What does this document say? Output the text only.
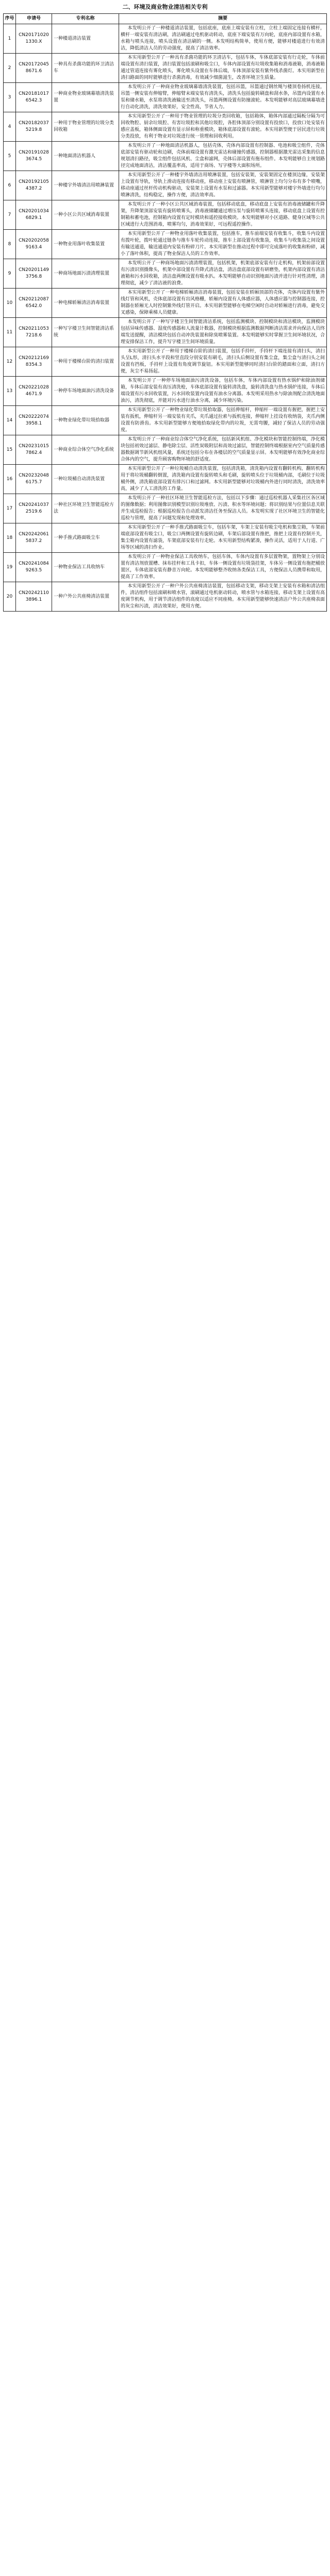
二、环境及商业物业清洁相关专利
序号	申请号	专利名称	摘要
1	CN201710201330.X	一种楼道清洁装置	本发明公开了一种楼道清洁装置，包括底座，底座上端安装有立柱，立柱上端固定连接有横杆，横杆一端安装有清洁刷，清洁刷通过电机驱动转动，底座下端安装有万向轮，底座内部设置有水箱，水箱与喷头连接，喷头设置在清洁刷的一侧。本发明结构简单，使用方便，能够对楼道进行有效清洁，降低清洁人员的劳动强度，提高了清洁效率。
2	CN201720458671.6	一种具有杀菌功能的环卫清洁车	本实用新型公开了一种具有杀菌功能的环卫清洁车，包括车体，车体底部安装有行走轮，车体前端设置有清扫装置，清扫装置包括滚刷和吸尘口，车体内部设置有垃圾收集箱和消毒液箱，消毒液箱通过管道连接有雾化喷头，雾化喷头设置在车体后端，车体顶部安装有紫外线杀菌灯。本实用新型在清扫路面的同时能够进行杀菌消毒，有效减少细菌滋生，改善环境卫生质量。
3	CN201810176542.3	一种商业物业玻璃幕墙清洗装置	本发明公开了一种商业物业玻璃幕墙清洗装置，包括吊篮，吊篮通过钢丝绳与楼顶卷扬机连接，吊篮一侧安装有伸缩臂，伸缩臂末端安装有清洗头，清洗头包括旋转刷盘和刮水条，吊篮内设置有水泵和储水箱，水泵将清洗液输送至清洗头，吊篮两侧设置有防撞滚轮。本发明能够对高层玻璃幕墙进行自动化清洗，清洗效果好，安全性高，节省人力。
4	CN201820375219.8	一种用于物业管理的垃圾分类回收箱	本实用新型公开了一种用于物业管理的垃圾分类回收箱，包括箱体，箱体内部通过隔板分隔为可回收物腔、厨余垃圾腔、有害垃圾腔和其他垃圾腔，各腔体顶部分别设置有投放口，投放口处安装有感应盖板，箱体侧面设置有显示屏和称重模块，箱体底部设置有滚轮。本实用新型便于居民进行垃圾分类投放，有利于物业对垃圾进行统一管理和回收利用。
5	CN201910283674.5	一种地面清洁机器人	本发明公开了一种地面清洁机器人，包括壳体，壳体内部设置有控制器、电池和吸尘组件，壳体底部安装有驱动轮和边刷，壳体前端设置有激光雷达和碰撞传感器，控制器根据激光雷达采集的信息规划清扫路径，吸尘组件包括风机、尘盒和滤网，壳体后部设置有拖布组件。本发明能够自主规划路径完成地面清洁，清洁覆盖率高，适用于商场、写字楼等大面积场所。
6	CN201921054387.2	一种楼宇外墙清洁用喷淋装置	本实用新型公开了一种楼宇外墙清洁用喷淋装置，包括安装架，安装架固定在楼顶边缘，安装架上设置有导轨，导轨上滑动连接有移动座，移动座上安装有喷淋管，喷淋管上均匀分布有多个喷嘴，移动座通过丝杆传动机构驱动，安装架上设置有水泵和过滤器。本实用新型能够对楼宇外墙进行均匀喷淋清洗，结构稳定，操作方便，清洁效率高。
7	CN202010346829.1	一种小区公共区域消毒装置	本发明公开了一种小区公共区域消毒装置，包括移动底盘，移动底盘上安装有消毒液储罐和升降架，升降架顶部安装有旋转喷雾头，消毒液储罐通过增压泵与旋转喷雾头连接，移动底盘上设置有控制箱和蓄电池，控制箱内设置有定时模块和遥控接收模块。本发明能够对小区道路、健身区域等公共区域进行大范围消毒，喷雾均匀，消毒效果好，可远程遥控操作。
8	CN202020589163.4	一种物业用落叶收集装置	本实用新型公开了一种物业用落叶收集装置，包括推车，推车前端安装有收集斗，收集斗内设置有拨叶轮，拨叶轮通过链条与推车车轮传动连接，推车上部设置有收集袋，收集斗与收集袋之间设置有输送通道，输送通道内安装有粉碎刀片。本实用新型在推动过程中即可完成落叶的收集和粉碎，减小了落叶体积，提高了物业保洁人员的工作效率。
9	CN202011493756.8	一种商场地面污渍清理装置	本发明公开了一种商场地面污渍清理装置，包括机架，机架底部安装有行走机构，机架前部设置有污渍识别摄像头，机架中部设置有升降式清洁盘，清洁盘底部设置有研磨垫，机架内部设置有清洁液箱和污水回收箱，清洁盘两侧设置有吸水扒。本发明能够自动识别地面污渍并进行针对性清理，清理彻底，减少了清洁液的浪费。
10	CN202120876542.0	一种电梯轿厢清洁消毒装置	本实用新型公开了一种电梯轿厢清洁消毒装置，包括安装在轿厢顶部的壳体，壳体内设置有紫外线灯管和风机，壳体底部设置有出风格栅，轿厢内设置有人体感应器，人体感应器与控制器连接，控制器在轿厢无人时控制紫外线灯管开启。本实用新型能够在电梯空闲时自动对轿厢进行消毒，避免交叉感染，保障乘梯人员健康。
11	CN202110537218.6	一种写字楼卫生间智能清洁系统	本发明公开了一种写字楼卫生间智能清洁系统，包括监测模块、控制模块和清洁模块，监测模块包括异味传感器、湿度传感器和人流量计数器，控制模块根据监测数据判断清洁需求并向保洁人员终端发送提醒，清洁模块包括自动冲洗装置和除臭喷雾装置。本发明能够实时掌握卫生间环境状况，合理安排保洁工作，提升写字楼卫生间环境质量。
12	CN202121698354.3	一种用于楼梯台阶的清扫装置	本实用新型公开了一种用于楼梯台阶的清扫装置，包括手持杆，手持杆下端连接有清扫头，清扫头呈L形，清扫头水平段和竖直段分别安装有刷毛，清扫头后侧设置有集尘盒，集尘盒与清扫头之间设置有挡板，手持杆上设置有角度调节旋钮。本实用新型能够同时清扫台阶的踏面和立面，清扫方便，灰尘不易扬起。
13	CN202210284671.9	一种停车场地面油污清洗设备	本发明公开了一种停车场地面油污清洗设备，包括车体，车体内部设置有热水锅炉和除油剂储箱，车体后部安装有高压清洗枪，车体底部设置有旋转清洗盘，旋转清洗盘与热水锅炉连接，车体后端设置有污水回收装置，污水回收装置内设置有油水分离器。本发明采用热水与除油剂配合清洗地面油污，清洗彻底，并能对污水进行油水分离，减少环境污染。
14	CN202220743958.1	一种物业绿化带垃圾拾取器	本实用新型公开了一种物业绿化带垃圾拾取器，包括伸缩杆，伸缩杆一端设置有握把，握把上安装有扳机，伸缩杆另一端安装有夹爪，夹爪通过拉索与扳机连接，伸缩杆上挂设有收纳袋，夹爪内侧设置有防滑齿。本实用新型能够方便地拾取绿化带内的垃圾，无需弯腰，减轻了保洁人员的劳动强度。
15	CN202310157862.4	一种商业综合体空气净化系统	本发明公开了一种商业综合体空气净化系统，包括新风机组、净化模块和智能控制终端，净化模块包括初效过滤层、静电除尘层、活性炭吸附层和高效过滤层，智能控制终端根据室内空气质量传感器数据调节新风机组风量，系统还包括分布在各楼层的空气质量显示屏。本发明能够有效净化商业综合体内的空气，提升顾客购物环境的舒适度。
16	CN202320486175.7	一种垃圾桶自动清洗装置	本实用新型公开了一种垃圾桶自动清洗装置，包括清洗箱，清洗箱内设置有翻转机构，翻转机构用于将垃圾桶翻转倒置，清洗箱内设置有旋转喷头和毛刷，旋转喷头位于垃圾桶内部，毛刷位于垃圾桶外侧，清洗箱底部设置有排污口和过滤网。本实用新型能够对垃圾桶内外进行同时清洗，清洗效率高，减少了人工清洗的工作量。
17	CN202410372519.6	一种社区环境卫生智能巡检方法	本发明公开了一种社区环境卫生智能巡检方法，包括以下步骤：通过巡检机器人采集社区各区域的图像数据；利用图像识别模型识别垃圾堆放、污渍、积水等环境问题；将识别结果与位置信息关联并生成巡检报告；根据巡检报告自动派发清洁任务至保洁人员。本发明实现了社区环境卫生的智能化巡检与管理，提高了问题发现和处理效率。
18	CN202420615837.2	一种手推式路面吸尘车	本实用新型公开了一种手推式路面吸尘车，包括车架，车架上安装有吸尘电机和集尘箱，车架前端底部设置有吸尘口，吸尘口两侧设置有旋转边刷，车架后部设置有推把，推把上设置有控制开关，集尘箱内设置有滤袋，车架底部安装有行走轮。本实用新型结构紧凑，操作灵活，适用于人行道、广场等区域的清扫作业。
19	CN202410849263.5	一种物业保洁工具收纳车	本发明公开了一种物业保洁工具收纳车，包括车体，车体内设置有多层置物架，置物架上分别设置有清洁剂放置槽、抹布挂杆和工具卡扣，车体一侧设置有垃圾袋挂架，车体另一侧设置有拖把桶放置区，车体底部安装有静音万向轮。本发明能够整齐收纳各类保洁工具，方便保洁人员携带和取用，提高了工作效率。
20	CN202421103896.1	一种户外公共座椅清洁装置	本实用新型公开了一种户外公共座椅清洁装置，包括移动支架，移动支架上安装有水箱和清洁组件，清洁组件包括滚刷和喷水管，滚刷通过电机驱动转动，喷水管与水箱连接，移动支架上设置有高度调节机构，用于调节清洁组件的高度以适应不同座椅。本实用新型能够快速清洁户外公共座椅表面的灰尘和污渍，清洁效果好，使用方便。
